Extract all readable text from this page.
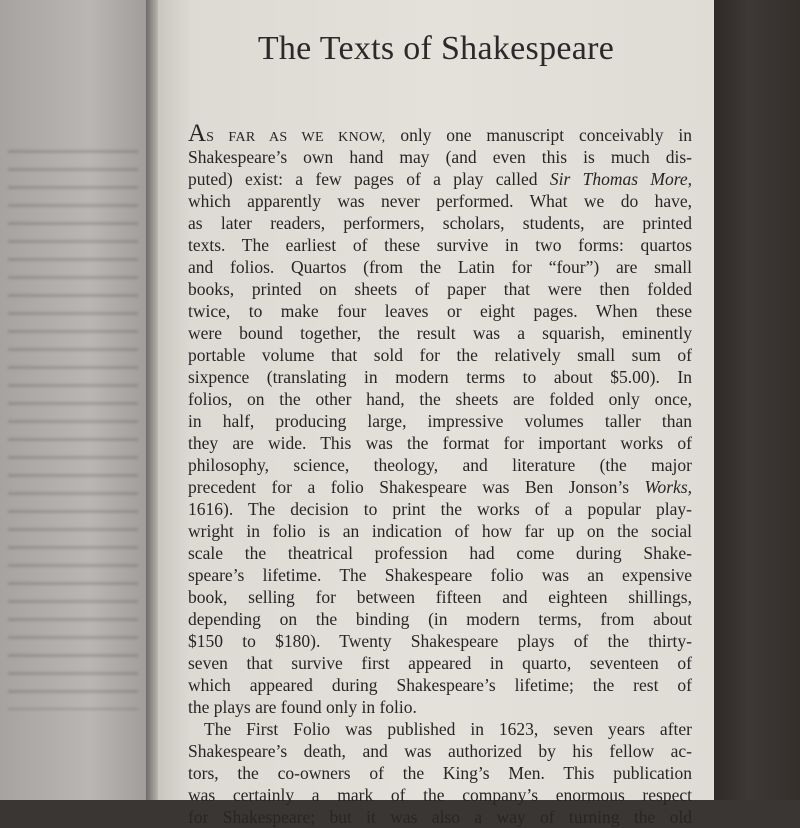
The Texts of Shakespeare
AS FAR AS WE KNOW, only one manuscript conceivably in
Shakespeare’s own hand may (and even this is much dis-
puted) exist: a few pages of a play called Sir Thomas More,
which apparently was never performed. What we do have,
as later readers, performers, scholars, students, are printed
texts. The earliest of these survive in two forms: quartos
and folios. Quartos (from the Latin for “four”) are small
books, printed on sheets of paper that were then folded
twice, to make four leaves or eight pages. When these
were bound together, the result was a squarish, eminently
portable volume that sold for the relatively small sum of
sixpence (translating in modern terms to about $5.00). In
folios, on the other hand, the sheets are folded only once,
in half, producing large, impressive volumes taller than
they are wide. This was the format for important works of
philosophy, science, theology, and literature (the major
precedent for a folio Shakespeare was Ben Jonson’s Works,
1616). The decision to print the works of a popular play-
wright in folio is an indication of how far up on the social
scale the theatrical profession had come during Shake-
speare’s lifetime. The Shakespeare folio was an expensive
book, selling for between fifteen and eighteen shillings,
depending on the binding (in modern terms, from about
$150 to $180). Twenty Shakespeare plays of the thirty-
seven that survive first appeared in quarto, seventeen of
which appeared during Shakespeare’s lifetime; the rest of
the plays are found only in folio.
The First Folio was published in 1623, seven years after
Shakespeare’s death, and was authorized by his fellow ac-
tors, the co-owners of the King’s Men. This publication
was certainly a mark of the company’s enormous respect
for Shakespeare; but it was also a way of turning the old
